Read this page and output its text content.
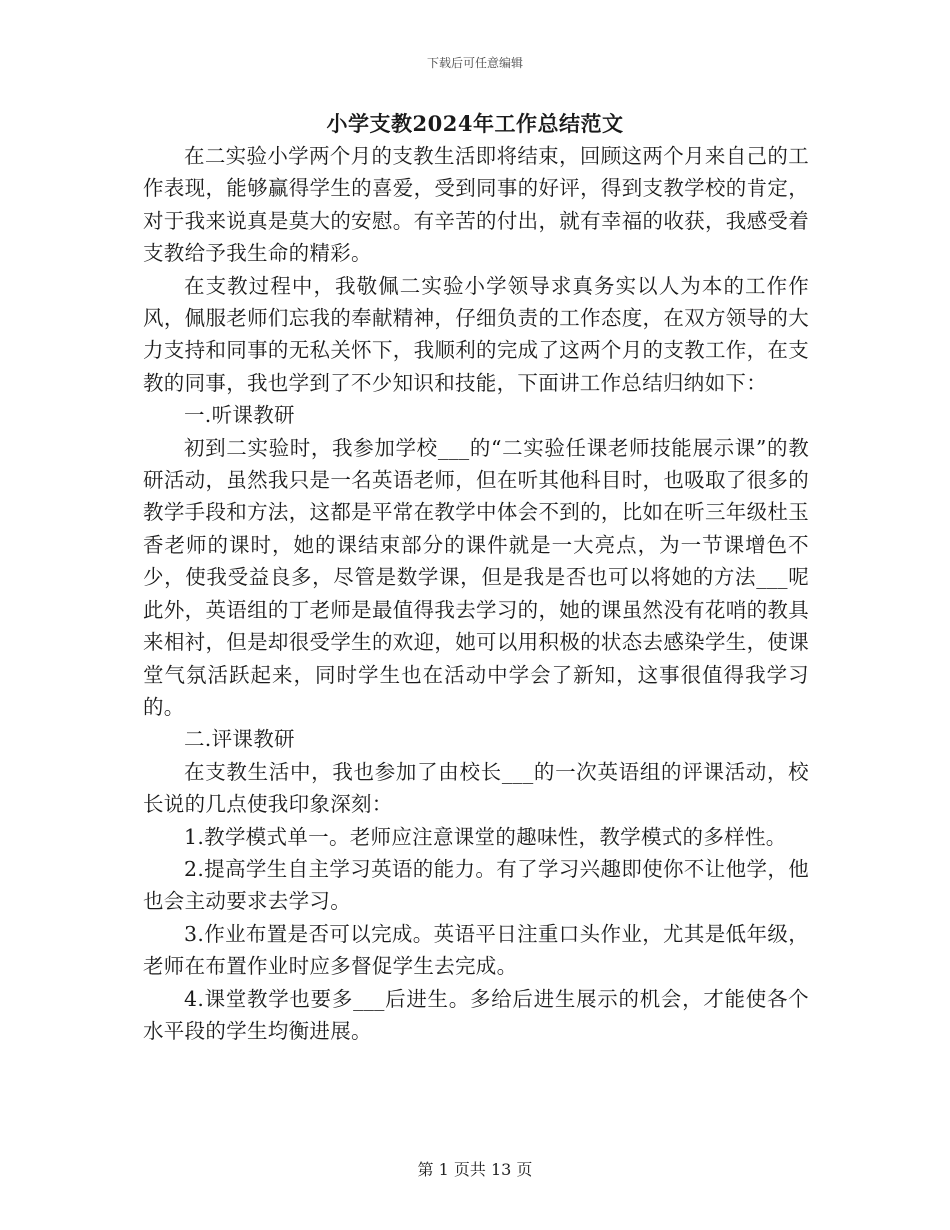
下载后可任意编辑
小学支教2024年工作总结范文

在二实验小学两个月的支教生活即将结束，回顾这两个月来自己的工作表现，能够赢得学生的喜爱，受到同事的好评，得到支教学校的肯定，对于我来说真是莫大的安慰。有辛苦的付出，就有幸福的收获，我感受着支教给予我生命的精彩。

在支教过程中，我敬佩二实验小学领导求真务实以人为本的工作作风，佩服老师们忘我的奉献精神，仔细负责的工作态度，在双方领导的大力支持和同事的无私关怀下，我顺利的完成了这两个月的支教工作，在支教的同事，我也学到了不少知识和技能，下面讲工作总结归纳如下：

一.听课教研

初到二实验时，我参加学校___的“二实验任课老师技能展示课”的教研活动，虽然我只是一名英语老师，但在听其他科目时，也吸取了很多的教学手段和方法，这都是平常在教学中体会不到的，比如在听三年级杜玉香老师的课时，她的课结束部分的课件就是一大亮点，为一节课增色不少，使我受益良多，尽管是数学课，但是我是否也可以将她的方法___呢此外，英语组的丁老师是最值得我去学习的，她的课虽然没有花哨的教具来相衬，但是却很受学生的欢迎，她可以用积极的状态去感染学生，使课堂气氛活跃起来，同时学生也在活动中学会了新知，这事很值得我学习的。

二.评课教研

在支教生活中，我也参加了由校长___的一次英语组的评课活动，校长说的几点使我印象深刻：

1.教学模式单一。老师应注意课堂的趣味性，教学模式的多样性。

2.提高学生自主学习英语的能力。有了学习兴趣即使你不让他学，他也会主动要求去学习。

3.作业布置是否可以完成。英语平日注重口头作业，尤其是低年级，老师在布置作业时应多督促学生去完成。

4.课堂教学也要多___后进生。多给后进生展示的机会，才能使各个水平段的学生均衡进展。

第 1 页共 13 页
